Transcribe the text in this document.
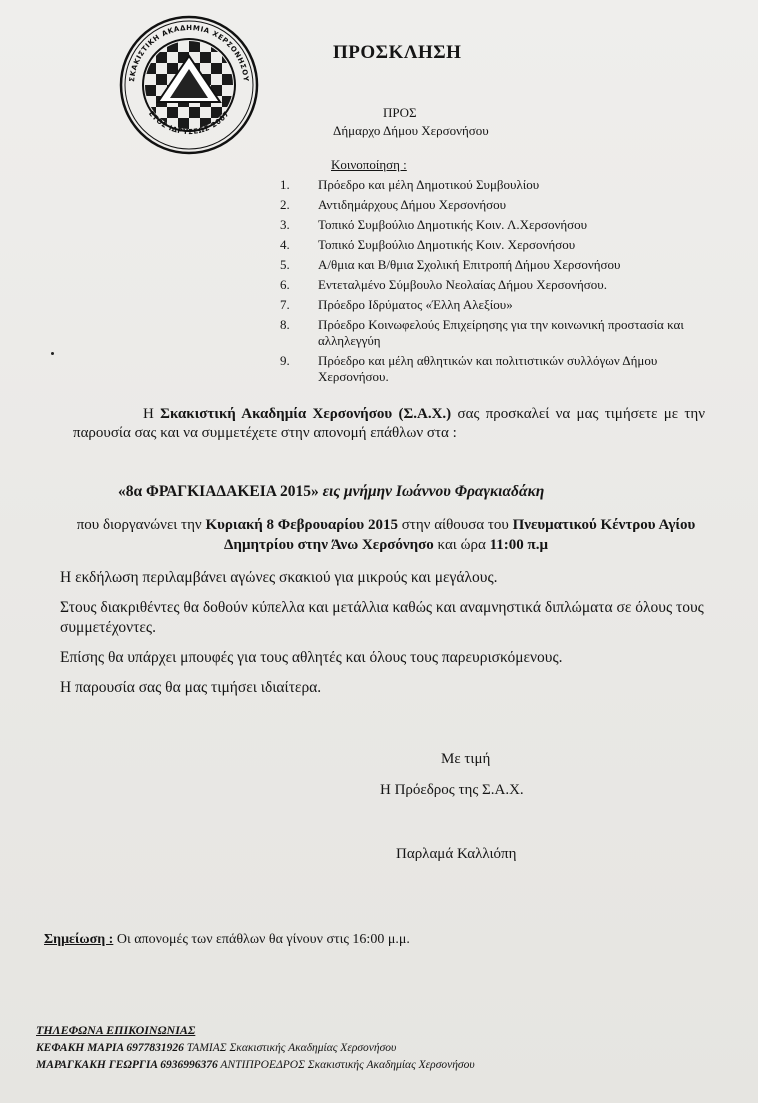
ΣΚΑΚΙΣΤΙΚΗ ΑΚΑΔΗΜΙΑ ΧΕΡΣΟΝΗΣΟΥ
ΕΤΟΣ ΙΔΡΥΣΕΩΣ 2007
ΠΡΟΣΚΛΗΣΗ
ΠΡΟΣ
Δήμαρχο Δήμου Χερσονήσου
Κοινοποίηση :
1.	Πρόεδρο και μέλη Δημοτικού Συμβουλίου
2.	Αντιδημάρχους Δήμου Χερσονήσου
3.	Τοπικό Συμβούλιο Δημοτικής Κοιν. Λ.Χερσονήσου
4.	Τοπικό Συμβούλιο Δημοτικής Κοιν. Χερσονήσου
5.	Α/θμια και Β/θμια Σχολική Επιτροπή Δήμου Χερσονήσου
6.	Εντεταλμένο Σύμβουλο Νεολαίας Δήμου Χερσονήσου.
7.	Πρόεδρο Ιδρύματος «Έλλη Αλεξίου»
8.	Πρόεδρο Κοινωφελούς Επιχείρησης για την κοινωνική προστασία και αλληλεγγύη
9.	Πρόεδρο και μέλη αθλητικών και πολιτιστικών συλλόγων Δήμου Χερσονήσου.
Η Σκακιστική Ακαδημία Χερσονήσου (Σ.Α.Χ.) σας προσκαλεί να μας τιμήσετε με την παρουσία σας και να συμμετέχετε στην απονομή επάθλων στα :
«8α ΦΡΑΓΚΙΑΔΑΚΕΙΑ 2015» εις μνήμην Ιωάννου Φραγκιαδάκη
που διοργανώνει την Κυριακή 8 Φεβρουαρίου 2015 στην αίθουσα του Πνευματικού Κέντρου Αγίου Δημητρίου στην Άνω Χερσόνησο και ώρα 11:00 π.μ

Η εκδήλωση περιλαμβάνει αγώνες σκακιού για μικρούς και μεγάλους.

Στους διακριθέντες θα δοθούν κύπελλα και μετάλλια καθώς και αναμνηστικά διπλώματα σε όλους τους συμμετέχοντες.

Επίσης θα υπάρχει μπουφές για τους αθλητές και όλους τους παρευρισκόμενους.

Η παρουσία σας θα μας τιμήσει ιδιαίτερα.

Με τιμή
Η Πρόεδρος της Σ.Α.Χ.
Παρλαμά Καλλιόπη
Σημείωση : Οι απονομές των επάθλων θα γίνουν στις 16:00 μ.μ.
ΤΗΛΕΦΩΝΑ ΕΠΙΚΟΙΝΩΝΙΑΣ
ΚΕΦΑΚΗ ΜΑΡΙΑ 6977831926 ΤΑΜΙΑΣ Σκακιστικής Ακαδημίας Χερσονήσου
ΜΑΡΑΓΚΑΚΗ ΓΕΩΡΓΙΑ 6936996376 ΑΝΤΙΠΡΟΕΔΡΟΣ Σκακιστικής Ακαδημίας Χερσονήσου
